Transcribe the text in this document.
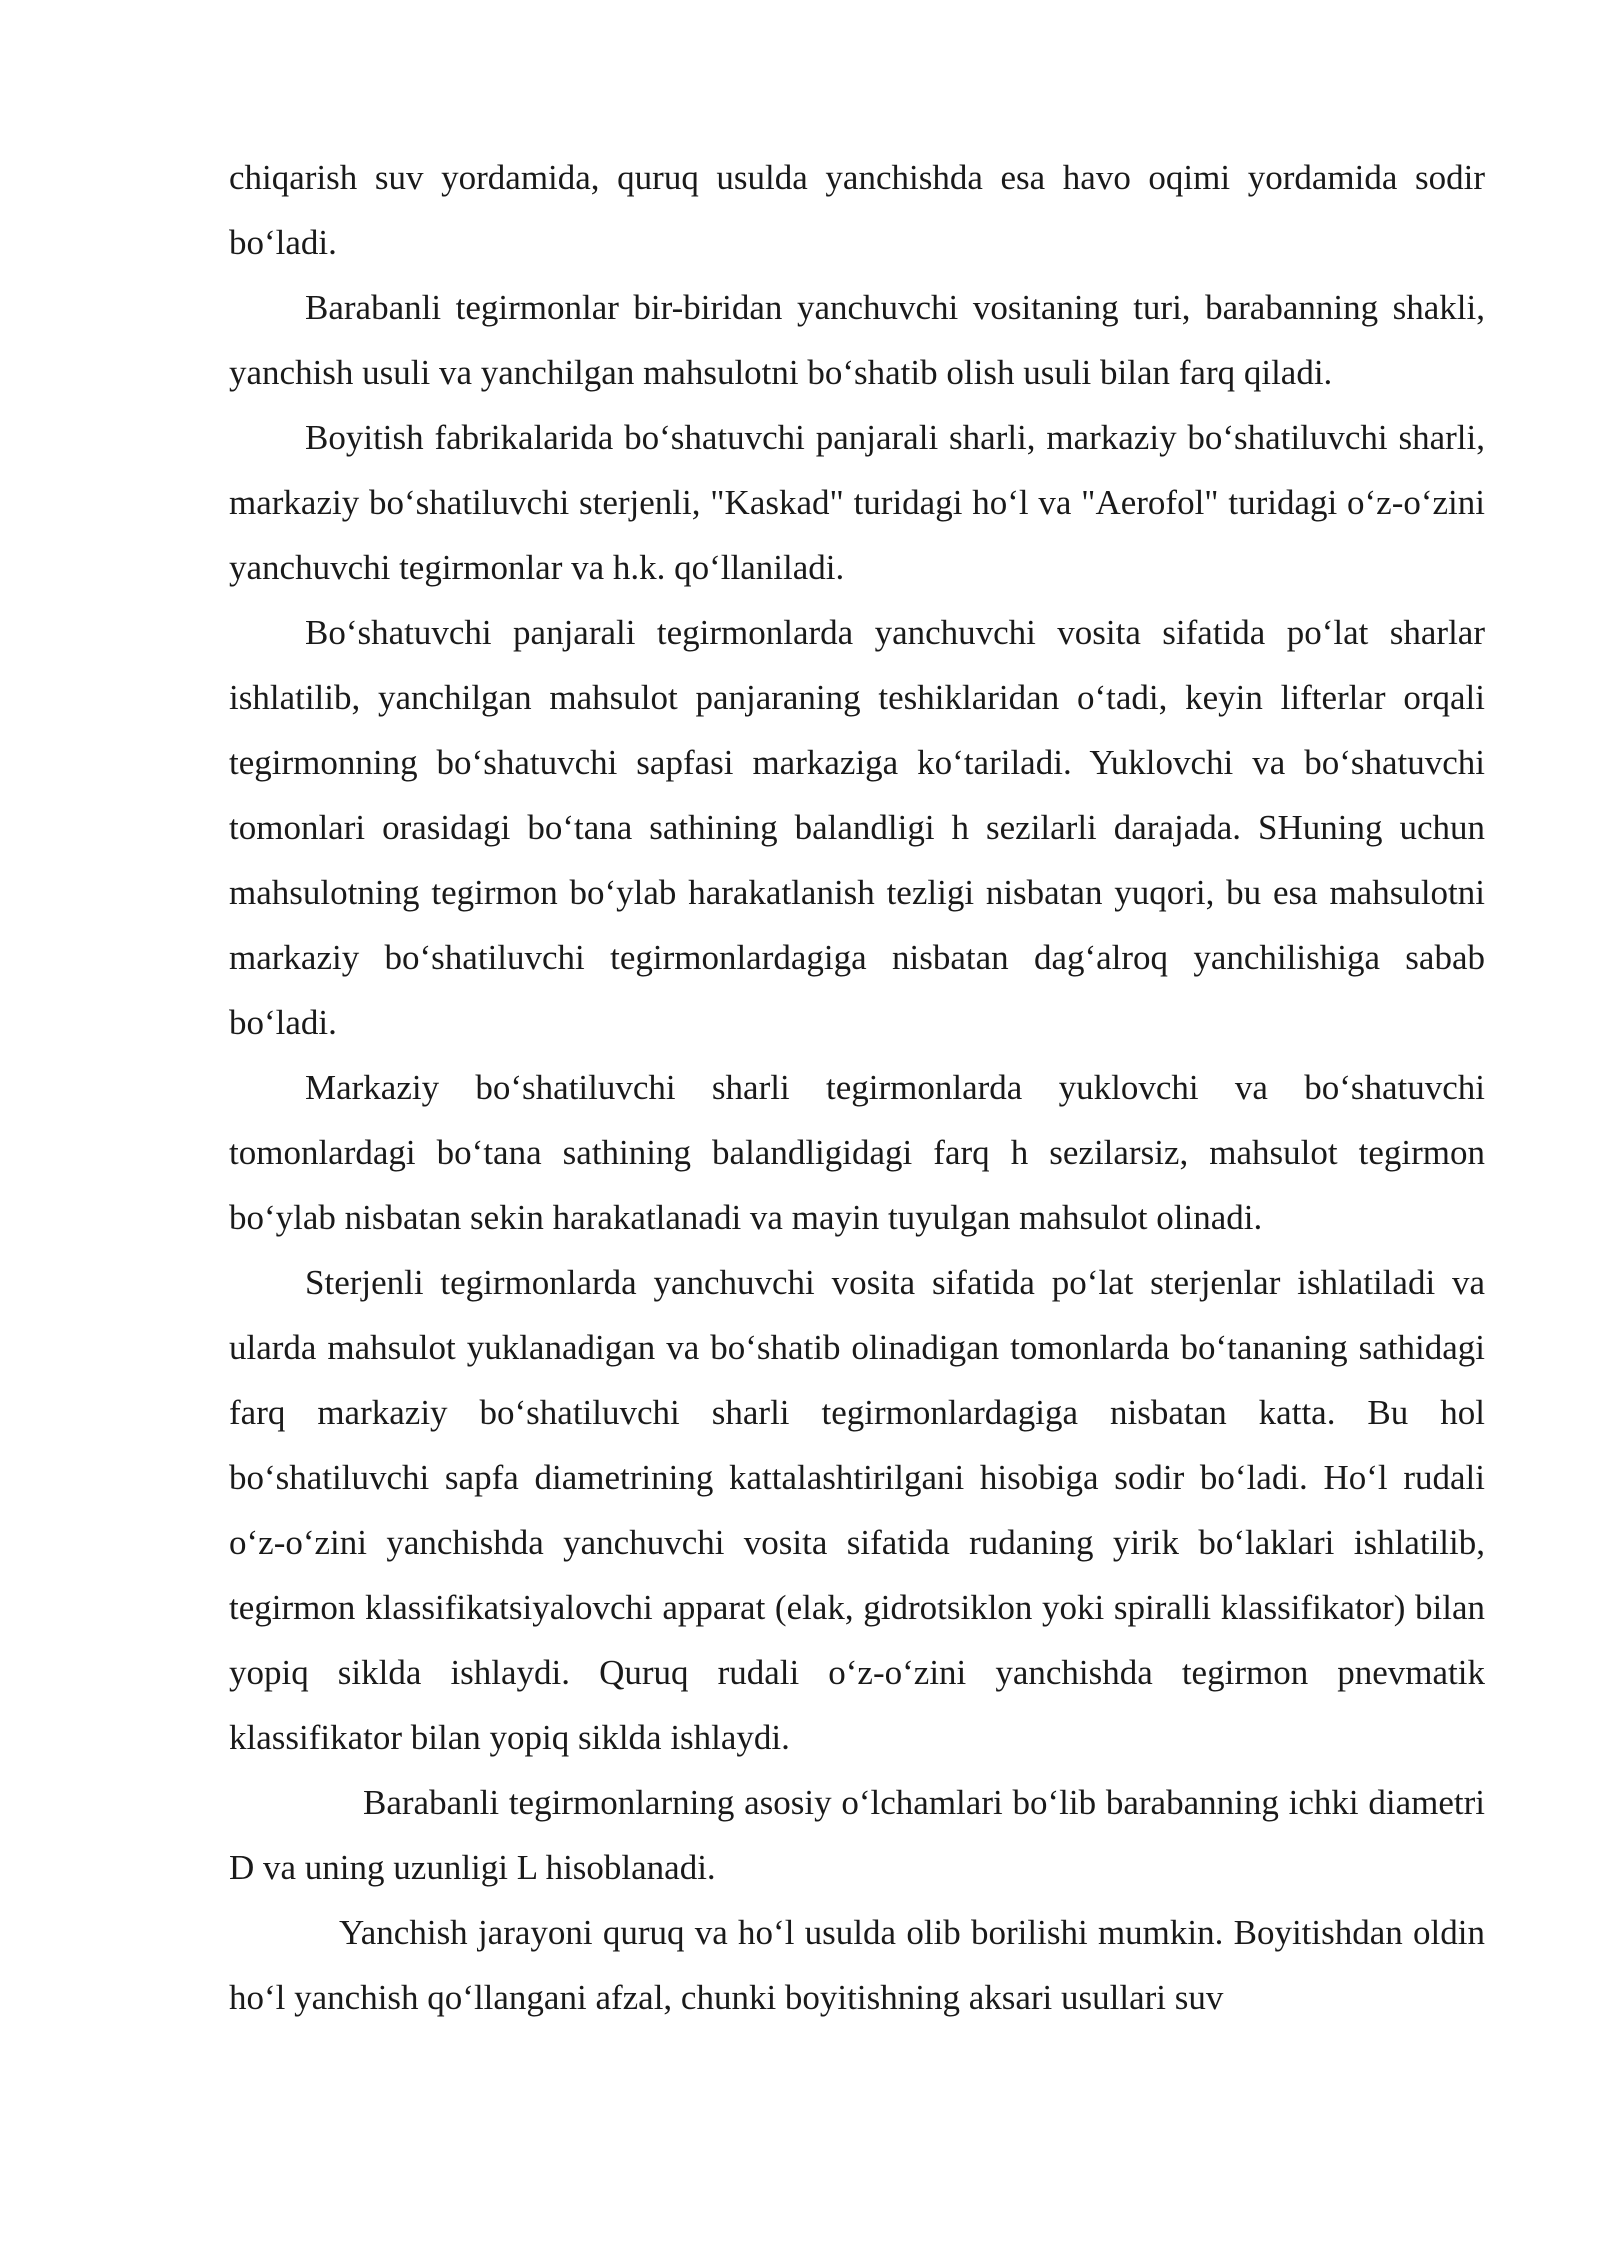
chiqarish suv yordamida, quruq usulda yanchishda esa havo oqimi yordamida sodir bo‘ladi.

Barabanli tegirmonlar bir-biridan yanchuvchi vositaning turi, barabanning shakli, yanchish usuli va yanchilgan mahsulotni bo‘shatib olish usuli bilan farq qiladi.

Boyitish fabrikalarida bo‘shatuvchi panjarali sharli, markaziy bo‘shatiluvchi sharli, markaziy bo‘shatiluvchi sterjenli, "Kaskad" turidagi ho‘l va "Aerofol" turidagi o‘z-o‘zini yanchuvchi tegirmonlar va h.k. qo‘llaniladi.

Bo‘shatuvchi panjarali tegirmonlarda yanchuvchi vosita sifatida po‘lat sharlar ishlatilib, yanchilgan mahsulot panjaraning teshiklaridan o‘tadi, keyin lifterlar orqali tegirmonning bo‘shatuvchi sapfasi markaziga ko‘tariladi. Yuklovchi va bo‘shatuvchi tomonlari orasidagi bo‘tana sathining balandligi h sezilarli darajada. SHuning uchun mahsulotning tegirmon bo‘ylab harakatlanish tezligi nisbatan yuqori, bu esa mahsulotni markaziy bo‘shatiluvchi tegirmonlardagiga nisbatan dag‘alroq yanchilishiga sabab bo‘ladi.

Markaziy bo‘shatiluvchi sharli tegirmonlarda yuklovchi va bo‘shatuvchi tomonlardagi bo‘tana sathining balandligidagi farq h sezilarsiz, mahsulot tegirmon bo‘ylab nisbatan sekin harakatlanadi va mayin tuyulgan mahsulot olinadi.

Sterjenli tegirmonlarda yanchuvchi vosita sifatida po‘lat sterjenlar ishlatiladi va ularda mahsulot yuklanadigan va bo‘shatib olinadigan tomonlarda bo‘tananing sathidagi farq markaziy bo‘shatiluvchi sharli tegirmonlardagiga nisbatan katta. Bu hol bo‘shatiluvchi sapfa diametrining kattalashtirilgani hisobiga sodir bo‘ladi. Ho‘l rudali o‘z-o‘zini yanchishda yanchuvchi vosita sifatida rudaning yirik bo‘laklari ishlatilib, tegirmon klassifikatsiyalovchi apparat (elak, gidrotsiklon yoki spiralli klassifikator) bilan yopiq siklda ishlaydi. Quruq rudali o‘z-o‘zini yanchishda tegirmon pnevmatik klassifikator bilan yopiq siklda ishlaydi.

Barabanli tegirmonlarning asosiy o‘lchamlari bo‘lib barabanning ichki diametri D va uning uzunligi L hisoblanadi.

Yanchish jarayoni quruq va ho‘l usulda olib borilishi mumkin. Boyitishdan oldin ho‘l yanchish qo‘llangani afzal, chunki boyitishning aksari usullari suv
